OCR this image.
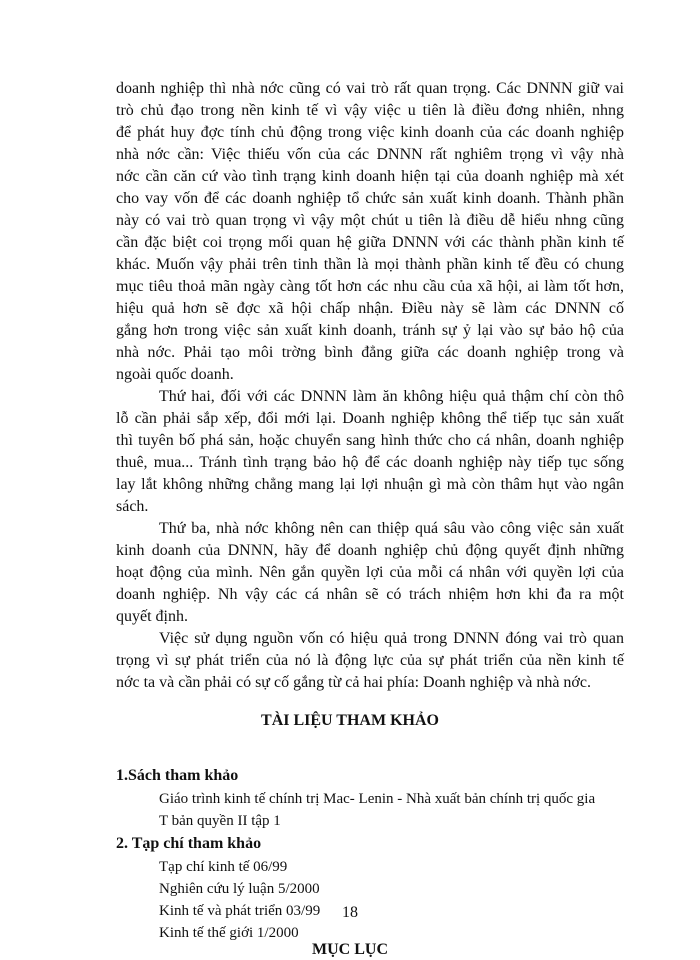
doanh nghiệp thì nhà nớc cũng có vai trò rất quan trọng. Các DNNN giữ vai
trò chủ đạo trong nền kinh tế vì vậy việc u tiên là điều đơng nhiên, nhng
để phát huy đợc tính chủ động trong việc kinh doanh của các doanh nghiệp
nhà nớc cần: Việc thiếu vốn của các DNNN rất nghiêm trọng vì vậy nhà
nớc cần căn cứ vào tình trạng kinh doanh hiện tại của doanh nghiệp mà xét
cho vay vốn để các doanh nghiệp tổ chức sản xuất kinh doanh. Thành phần
này có vai trò quan trọng vì vậy một chút u tiên là điều dễ hiểu nhng cũng
cần đặc biệt coi trọng mối quan hệ giữa DNNN với các thành phần kinh tế
khác. Muốn vậy phải trên tinh thần là mọi thành phần kinh tế đều có chung
mục tiêu thoả mãn ngày càng tốt hơn các nhu cầu của xã hội, ai làm tốt hơn,
hiệu quả hơn sẽ đợc xã hội chấp nhận. Điều này sẽ làm các DNNN cố
gắng hơn trong việc sản xuất kinh doanh, tránh sự ỷ lại vào sự bảo hộ của
nhà nớc. Phải tạo môi trờng bình đẳng giữa các doanh nghiệp trong và
ngoài quốc doanh.
Thứ hai, đối với các DNNN làm ăn không hiệu quả thậm chí còn thô
lỗ cần phải sắp xếp, đổi mới lại. Doanh nghiệp không thể tiếp tục sản xuất
thì tuyên bố phá sản, hoặc chuyển sang hình thức cho cá nhân, doanh nghiệp
thuê, mua... Tránh tình trạng bảo hộ để các doanh nghiệp này tiếp tục sống
lay lắt không những chẳng mang lại lợi nhuận gì mà còn thâm hụt vào ngân
sách.
Thứ ba, nhà nớc không nên can thiệp quá sâu vào công việc sản xuất
kinh doanh của DNNN, hãy để doanh nghiệp chủ động quyết định những
hoạt động của mình. Nên gắn quyền lợi của mỗi cá nhân với quyền lợi của
doanh nghiệp. Nh vậy các cá nhân sẽ có trách nhiệm hơn khi đa ra một
quyết định.
Việc sử dụng nguồn vốn có hiệu quả trong DNNN đóng vai trò quan
trọng vì sự phát triển của nó là động lực của sự phát triển của nền kinh tế
nớc ta và cần phải có sự cố gắng từ cả hai phía: Doanh nghiệp và nhà nớc.
TÀI LIỆU THAM KHẢO
1.Sách tham khảo
Giáo trình kinh tế chính trị Mac- Lenin - Nhà xuất bản chính trị quốc gia
T bản quyền II tập 1
2. Tạp chí tham khảo
Tạp chí kinh tế 06/99
Nghiên cứu lý luận 5/2000
Kinh tế và phát triển 03/99
Kinh tế thế giới 1/2000
MỤC LỤC
18
